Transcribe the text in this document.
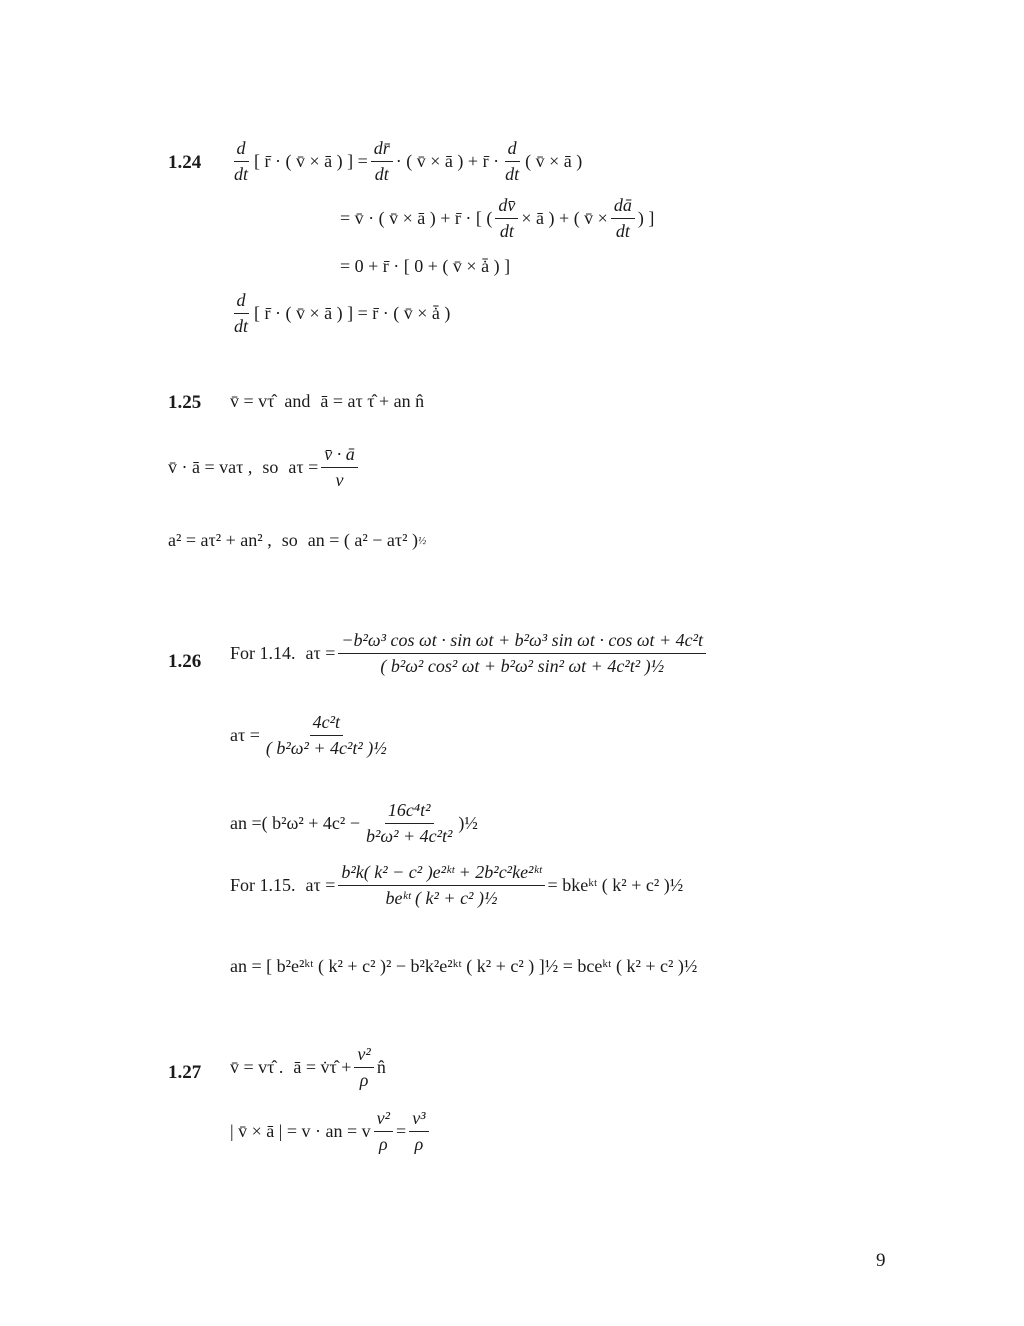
$1.24 \frac{d}{dt}$ [ r̄ · ( v̄ × ā ) ] = $\frac{dr̄}{dt}$ · ( v̄ × ā ) + r̄ · $\frac{d}{dt}$ ( v̄ × ā )
= v̄ · ( v̄ × ā ) + r̄ · [ ( $\frac{dv̄}{dt}$ × ā ) + ( v̄ × $\frac{dā}{dt}$ ) ]
= 0 + r̄ · [ 0 + ( v̄ × ǡ ) ]
$\frac{d}{dt}$ [ r̄ · ( v̄ × ā ) ] = r̄ · ( v̄ × ǡ )
1.25 v̄ = vτ̂ and ā = aτ τ̂ + an n̂
v̄ · ā = vaτ , so $a\tau = \frac{v̄ \cdot ā}{v}$
a² = aτ² + an² , so an = ( a² − aτ² ) ½
1.26 For 1.14. $a\tau = \frac{\text{−b²ω³ cos ωt · sin ωt + b²ω³ sin ωt · cos ωt + 4c²t}}{\text{( b²ω² cos² ωt + b²ω² sin² ωt + 4c²t² )½}}$
$a\tau = \frac{\text{4c²t}}{\text{( b²ω² + 4c²t² )½}}$
an = ( $b^2\omega^2 + 4c^2 - \frac{\text{16c⁴t²}}{\text{b²ω² + 4c²t²}}$ )½
For 1.15. $a\tau = \frac{\text{b²k( k² − c² )e²ᵏᵗ + 2b²c²ke²ᵏᵗ}}{\text{beᵏᵗ ( k² + c² )½}}$ = bkeᵏᵗ ( k² + c² )½
an = [ b²e²ᵏᵗ ( k² + c² )² − b²k²e²ᵏᵗ ( k² + c² ) ]½ = bceᵏᵗ ( k² + c² )½
1.27 v̄ = vτ̂ . ā = v̇τ̂ + $\frac{\text{v²}}{\rho}$ n̂
| v̄ × ā | = v · an = v $\frac{\text{v²}}{\rho} = \frac{\text{v³}}{\rho}$
9
